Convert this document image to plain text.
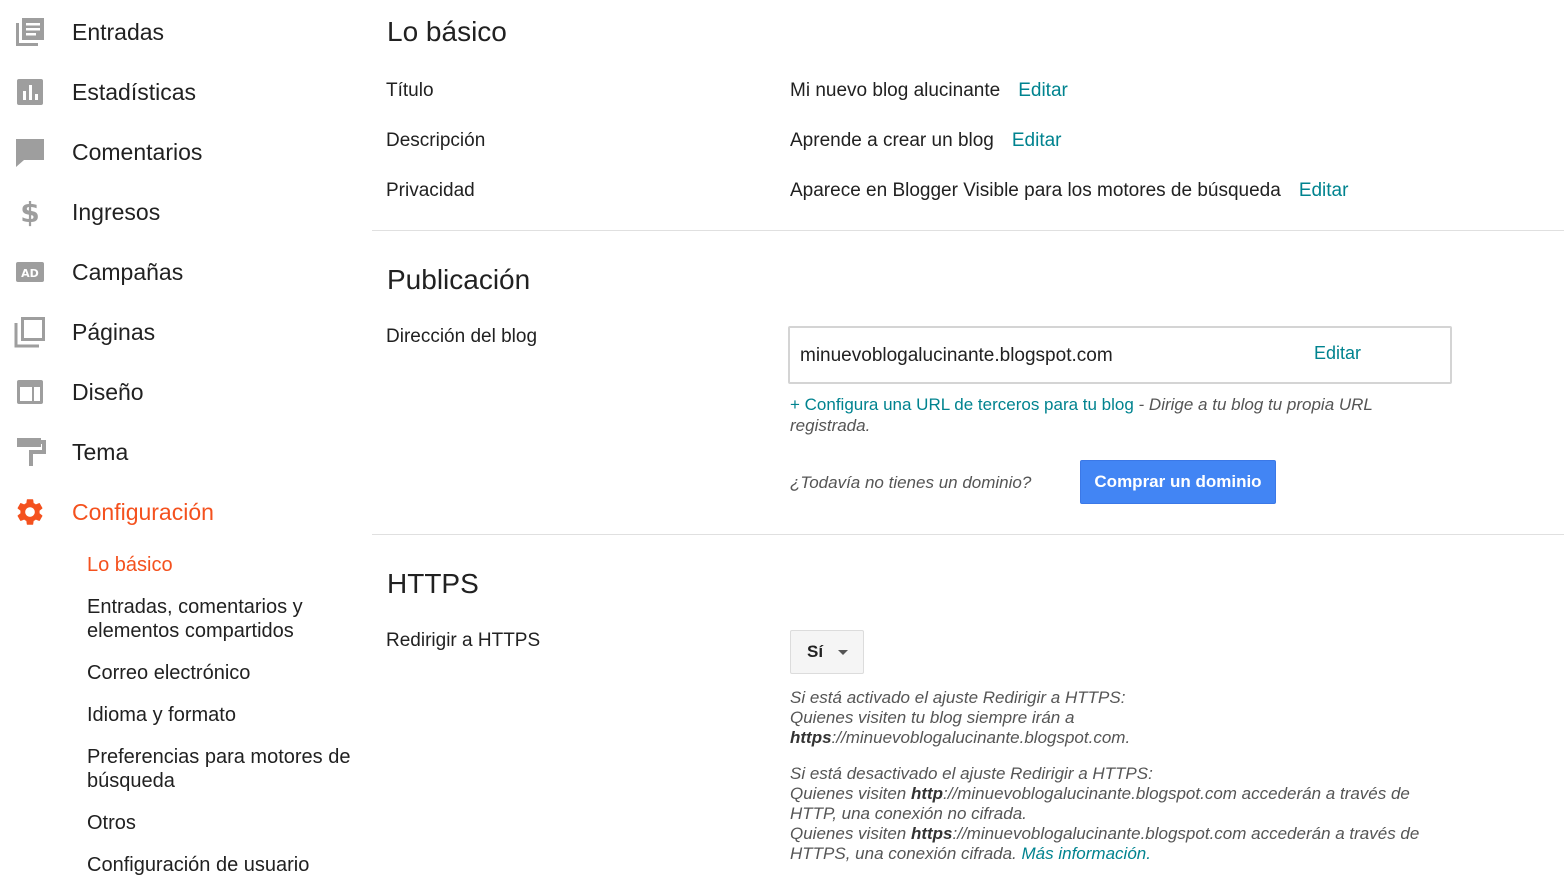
Entradas
Estadísticas
Comentarios
$ Ingresos
AD Campañas
Páginas
Diseño
Tema
Configuración
Lo básico
Entradas, comentarios y elementos compartidos
Correo electrónico
Idioma y formato
Preferencias para motores de búsqueda
Otros
Configuración de usuario
Lo básico
Título	Mi nuevo blog alucinante Editar
Descripción	Aprende a crear un blog Editar
Privacidad	Aparece en Blogger Visible para los motores de búsqueda Editar
Publicación
Dirección del blog
minuevoblogalucinante.blogspot.com	Editar
+ Configura una URL de terceros para tu blog - Dirige a tu blog tu propia URL registrada.
¿Todavía no tienes un dominio?	Comprar un dominio
HTTPS
Redirigir a HTTPS
Sí
Si está activado el ajuste Redirigir a HTTPS:
Quienes visiten tu blog siempre irán a
https://minuevoblogalucinante.blogspot.com.
Si está desactivado el ajuste Redirigir a HTTPS:
Quienes visiten http://minuevoblogalucinante.blogspot.com accederán a través de HTTP, una conexión no cifrada.
Quienes visiten https://minuevoblogalucinante.blogspot.com accederán a través de HTTPS, una conexión cifrada. Más información.
